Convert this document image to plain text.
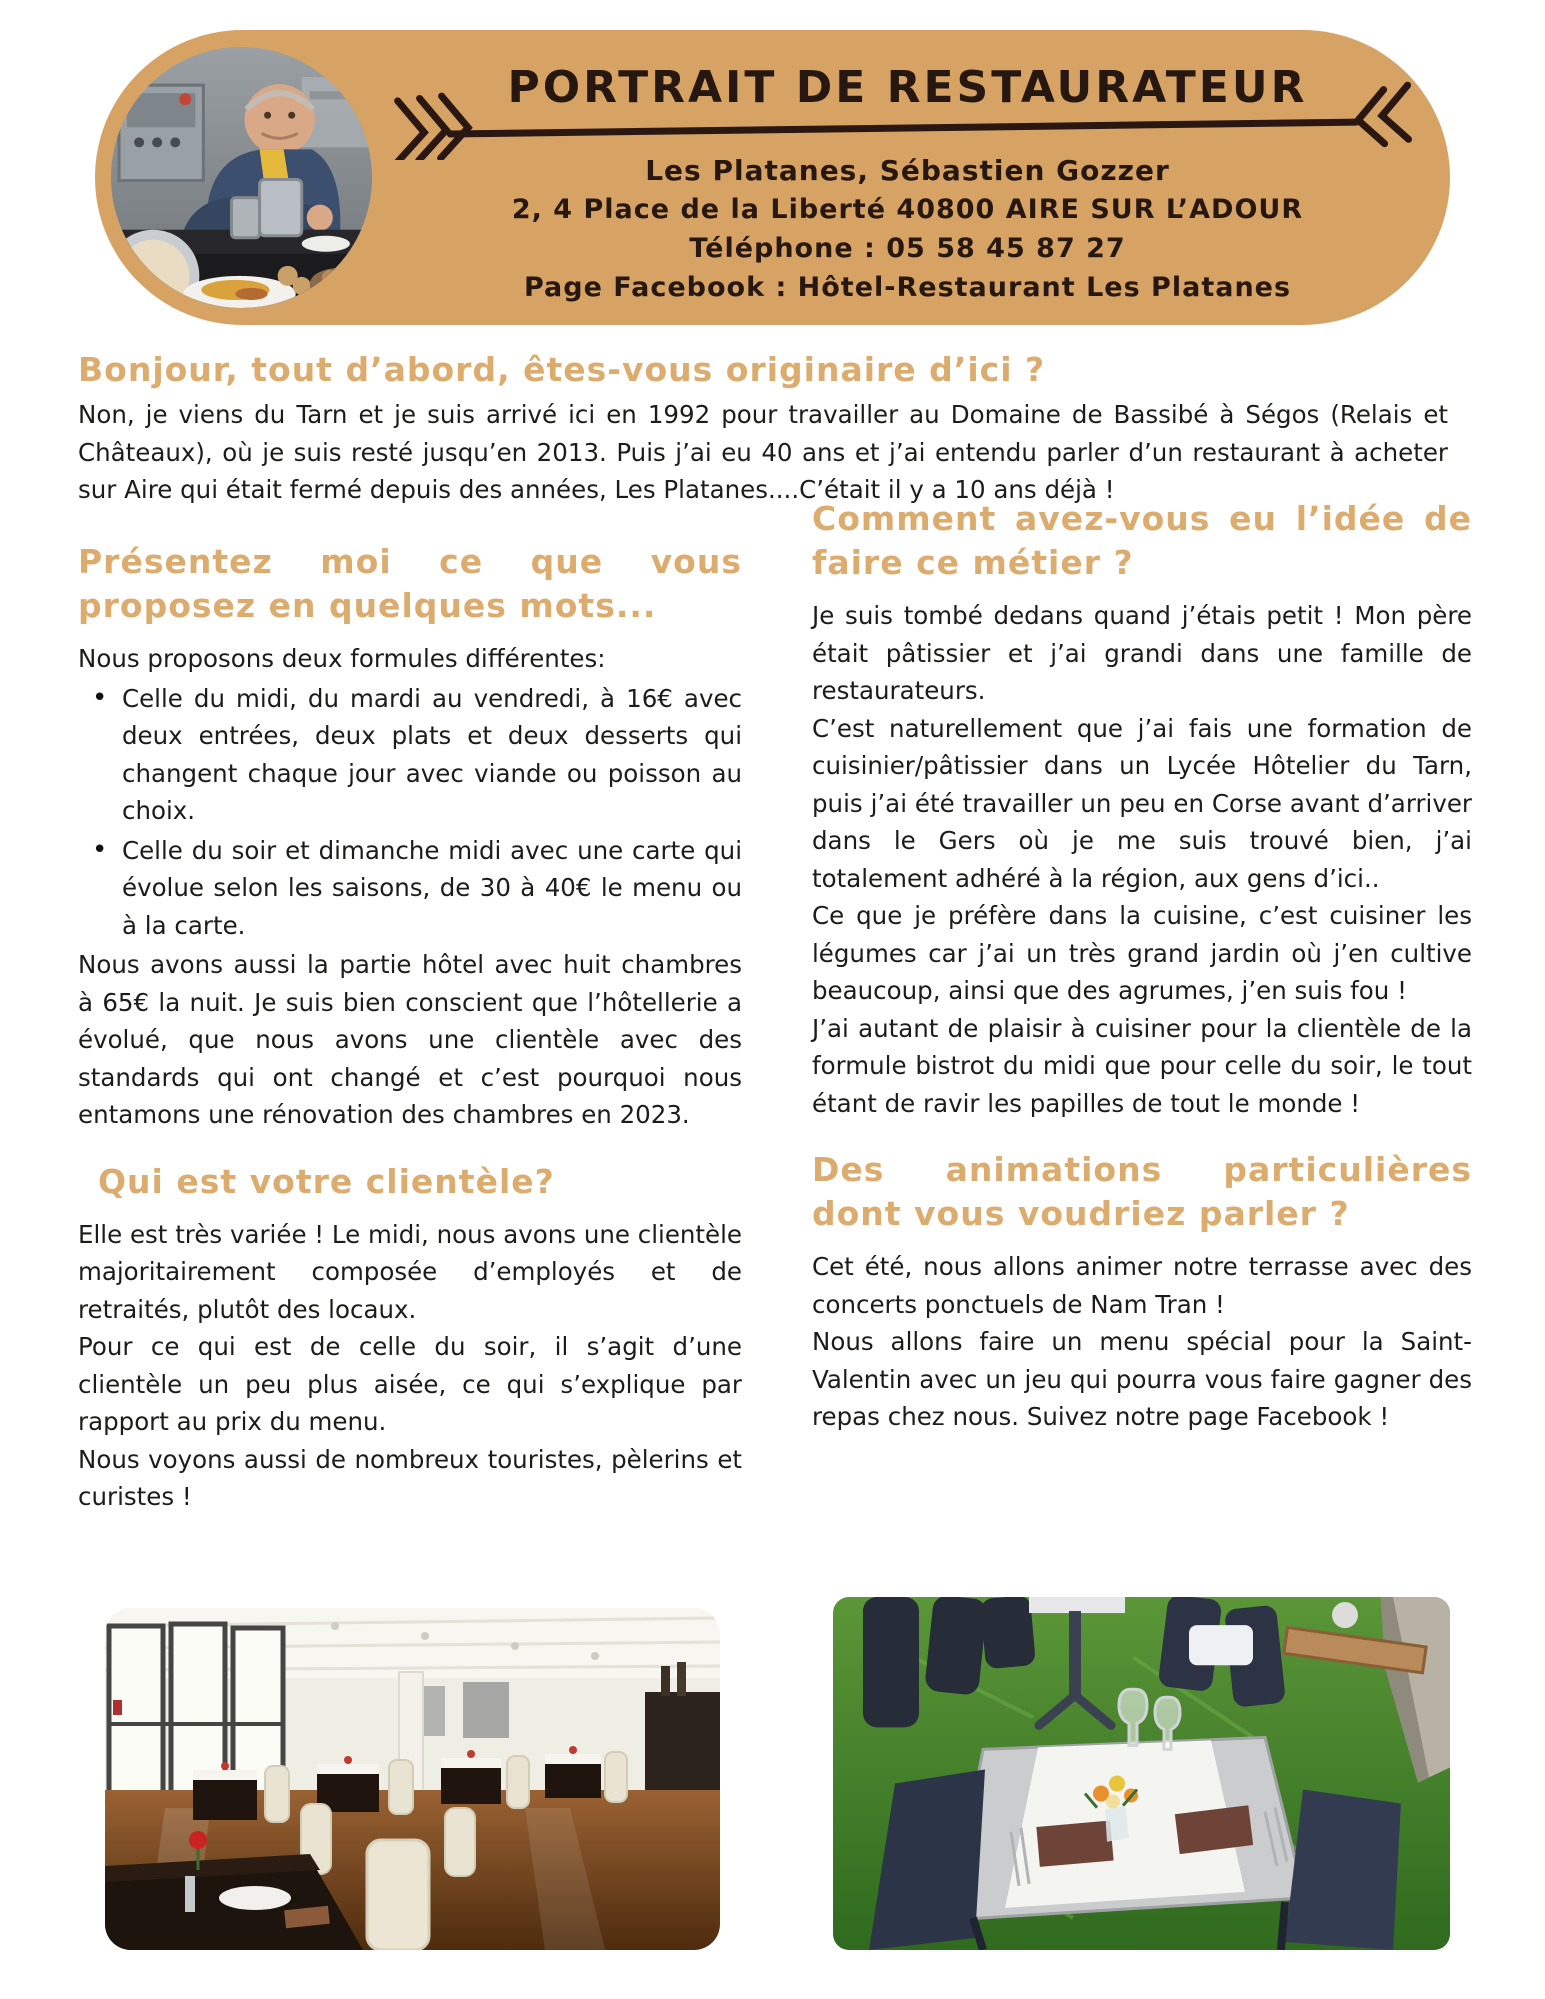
PORTRAIT DE RESTAURATEUR
Les Platanes, Sébastien Gozzer
2, 4 Place de la Liberté 40800 AIRE SUR L’ADOUR
Téléphone : 05 58 45 87 27
Page Facebook : Hôtel-Restaurant Les Platanes
Bonjour, tout d’abord, êtes-vous originaire d’ici ?

Non, je viens du Tarn et je suis arrivé ici en 1992 pour travailler au Domaine de Bassibé à Ségos (Relais et Châteaux), où je suis resté jusqu’en 2013. Puis j’ai eu 40 ans et j’ai entendu parler d’un restaurant à acheter sur Aire qui était fermé depuis des années, Les Platanes....C’était il y a 10 ans déjà !

Présentez moi ce que vous proposez en quelques mots...

Nous proposons deux formules différentes:

• Celle du midi, du mardi au vendredi, à 16€ avec deux entrées, deux plats et deux desserts qui changent chaque jour avec viande ou poisson au choix.
• Celle du soir et dimanche midi avec une carte qui évolue selon les saisons, de 30 à 40€ le menu ou à la carte.

Nous avons aussi la partie hôtel avec huit chambres à 65€ la nuit. Je suis bien conscient que l’hôtellerie a évolué, que nous avons une clientèle avec des standards qui ont changé et c’est pourquoi nous entamons une rénovation des chambres en 2023.

Qui est votre clientèle?

Elle est très variée ! Le midi, nous avons une clientèle majoritairement composée d’employés et de retraités, plutôt des locaux.

Pour ce qui est de celle du soir, il s’agit d’une clientèle un peu plus aisée, ce qui s’explique par rapport au prix du menu.

Nous voyons aussi de nombreux touristes, pèlerins et curistes !

Comment avez-vous eu l’idée de faire ce métier ?

Je suis tombé dedans quand j’étais petit ! Mon père était pâtissier et j’ai grandi dans une famille de restaurateurs.

C’est naturellement que j’ai fais une formation de cuisinier/pâtissier dans un Lycée Hôtelier du Tarn, puis j’ai été travailler un peu en Corse avant d’arriver dans le Gers où je me suis trouvé bien, j’ai totalement adhéré à la région, aux gens d’ici..

Ce que je préfère dans la cuisine, c’est cuisiner les légumes car j’ai un très grand jardin où j’en cultive beaucoup, ainsi que des agrumes, j’en suis fou !

J’ai autant de plaisir à cuisiner pour la clientèle de la formule bistrot du midi que pour celle du soir, le tout étant de ravir les papilles de tout le monde !

Des animations particulières dont vous voudriez parler ?

Cet été, nous allons animer notre terrasse avec des concerts ponctuels de Nam Tran !

Nous allons faire un menu spécial pour la Saint-Valentin avec un jeu qui pourra vous faire gagner des repas chez nous. Suivez notre page Facebook !
